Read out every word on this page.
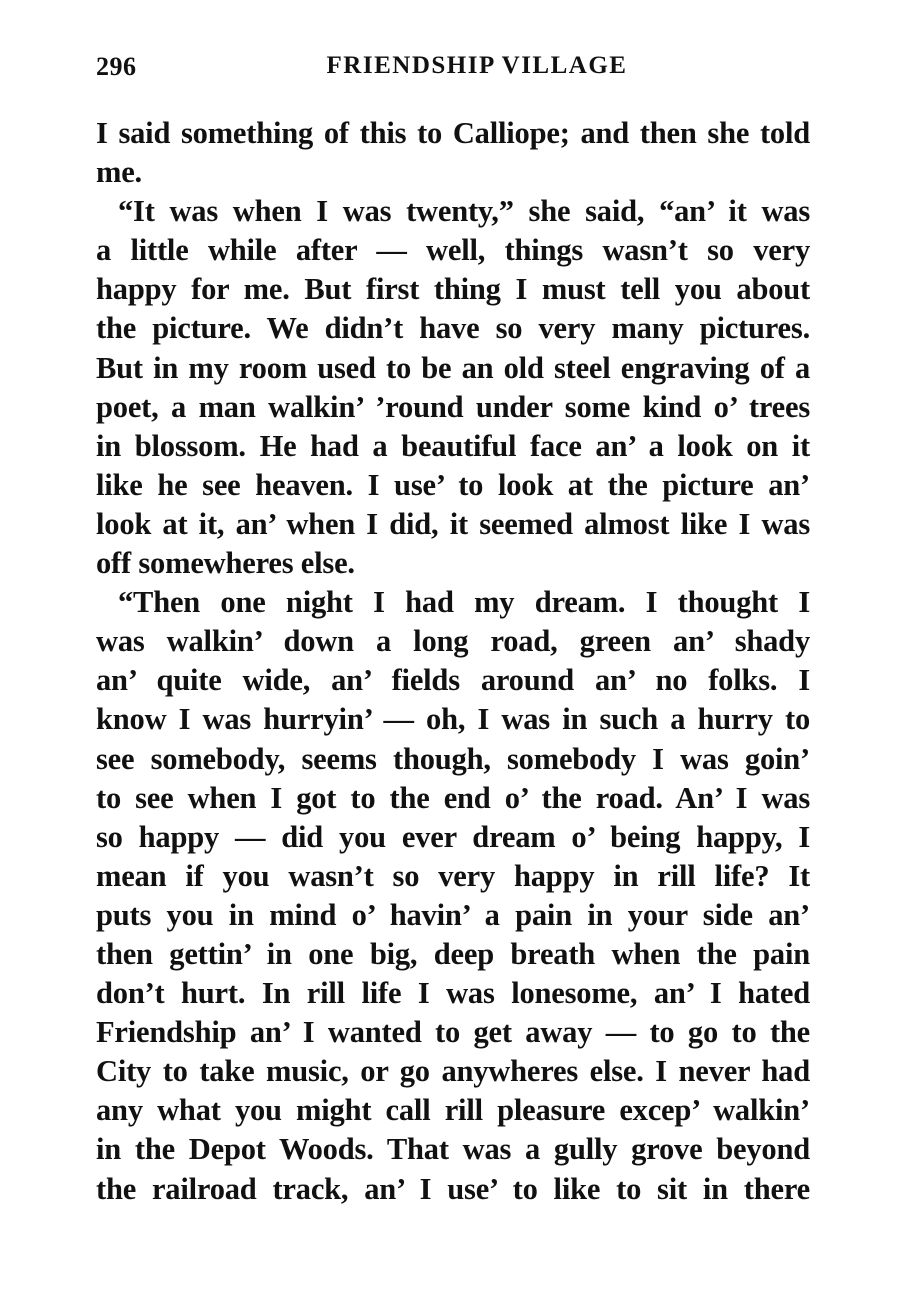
296	FRIENDSHIP VILLAGE
I said something of this to Calliope; and then she told
me.
“It was when I was twenty,” she said, “an’ it was
a little while after — well, things wasn’t so very
happy for me. But first thing I must tell you about
the picture. We didn’t have so very many pictures.
But in my room used to be an old steel engraving of a
poet, a man walkin’ ’round under some kind o’ trees
in blossom. He had a beautiful face an’ a look on it
like he see heaven. I use’ to look at the picture an’
look at it, an’ when I did, it seemed almost like I was
off somewheres else.
“Then one night I had my dream. I thought I
was walkin’ down a long road, green an’ shady
an’ quite wide, an’ fields around an’ no folks. I
know I was hurryin’ — oh, I was in such a hurry to
see somebody, seems though, somebody I was goin’
to see when I got to the end o’ the road. An’ I was
so happy — did you ever dream o’ being happy, I
mean if you wasn’t so very happy in rill life? It
puts you in mind o’ havin’ a pain in your side an’
then gettin’ in one big, deep breath when the pain
don’t hurt. In rill life I was lonesome, an’ I hated
Friendship an’ I wanted to get away — to go to the
City to take music, or go anywheres else. I never had
any what you might call rill pleasure excep’ walkin’
in the Depot Woods. That was a gully grove beyond
the railroad track, an’ I use’ to like to sit in there
